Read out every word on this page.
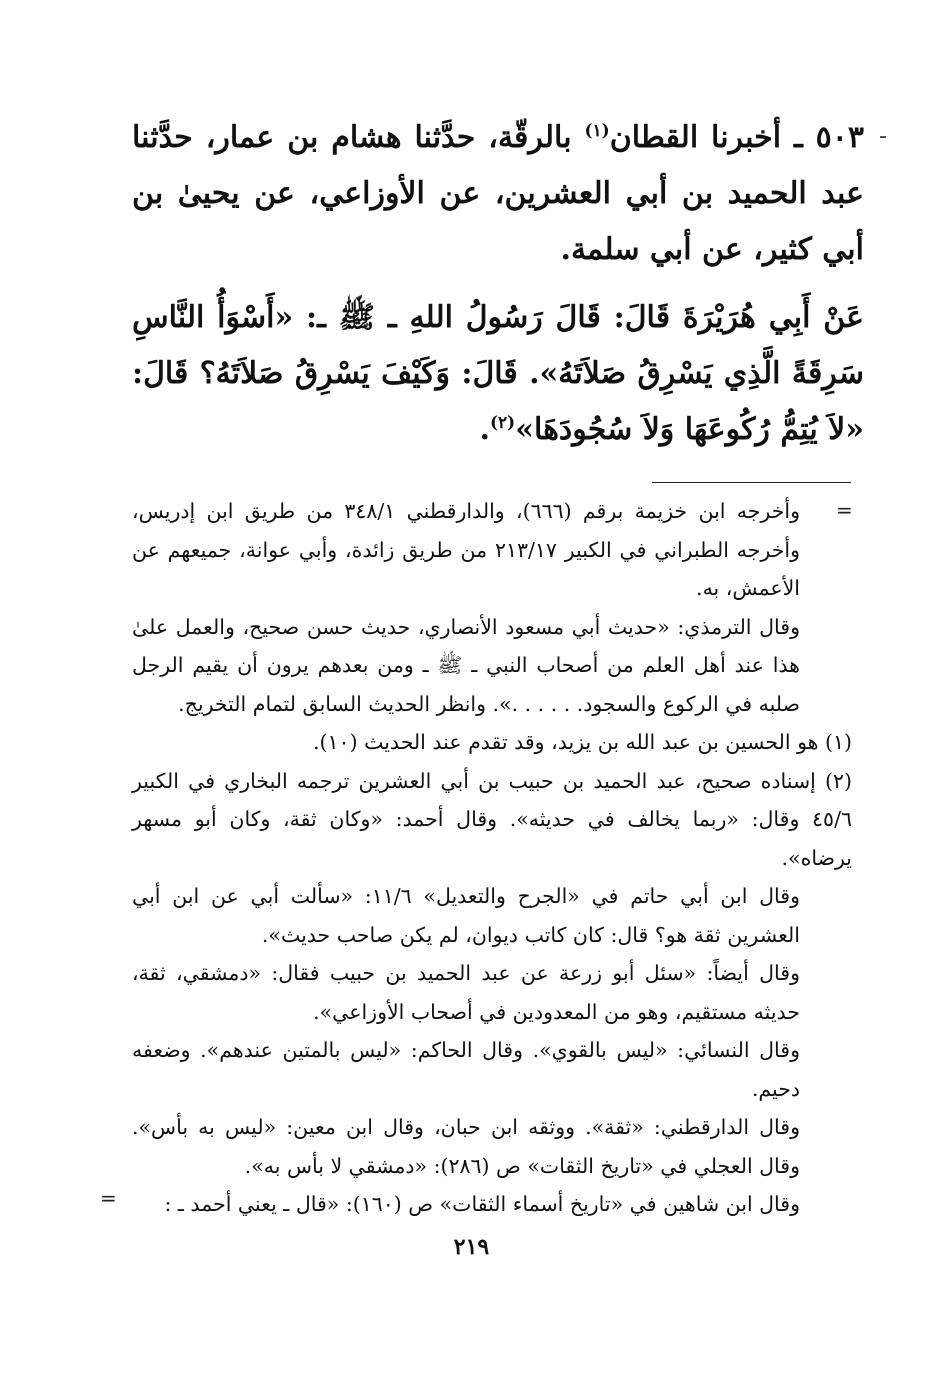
-

٥٠٣ ـ أخبرنا القطان$^{(١)}$ بالرقّة، حدَّثنا هشام بن عمار، حدَّثنا عبد الحميد بن أبي العشرين، عن الأوزاعي، عن يحيىٰ بن أبي كثير، عن أبي سلمة.

عَنْ أَبِي هُرَيْرَةَ قَالَ: قَالَ رَسُولُ اللهِ ـ ﷺ ـ: «أَسْوَأُ النَّاسِ سَرِقَةً الَّذِي يَسْرِقُ صَلاَتَهُ». قَالَ: وَكَيْفَ يَسْرِقُ صَلاَتَهُ؟ قَالَ: «لاَ يُتِمُّ رُكُوعَهَا وَلاَ سُجُودَهَا»$^{(٢)}$.

=

وأخرجه ابن خزيمة برقم (٦٦٦)، والدارقطني ٣٤٨/١ من طريق ابن إدريس، وأخرجه الطبراني في الكبير ٢١٣/١٧ من طريق زائدة، وأبي عوانة، جميعهم عن الأعمش، به.

وقال الترمذي: «حديث أبي مسعود الأنصاري، حديث حسن صحيح، والعمل علىٰ هذا عند أهل العلم من أصحاب النبي ـ ﷺ ـ ومن بعدهم يرون أن يقيم الرجل صلبه في الركوع والسجود. . . . . .». وانظر الحديث السابق لتمام التخريج.

(١) هو الحسين بن عبد الله بن يزيد، وقد تقدم عند الحديث (١٠).

(٢) إسناده صحيح، عبد الحميد بن حبيب بن أبي العشرين ترجمه البخاري في الكبير ٤٥/٦ وقال: «ربما يخالف في حديثه». وقال أحمد: «وكان ثقة، وكان أبو مسهر يرضاه».

وقال ابن أبي حاتم في «الجرح والتعديل» ١١/٦: «سألت أبي عن ابن أبي العشرين ثقة هو؟ قال: كان كاتب ديوان، لم يكن صاحب حديث».

وقال أيضاً: «سئل أبو زرعة عن عبد الحميد بن حبيب فقال: «دمشقي، ثقة، حديثه مستقيم، وهو من المعدودين في أصحاب الأوزاعي».

وقال النسائي: «ليس بالقوي». وقال الحاكم: «ليس بالمتين عندهم». وضعفه دحيم.

وقال الدارقطني: «ثقة». ووثقه ابن حبان، وقال ابن معين: «ليس به بأس». وقال العجلي في «تاريخ الثقات» ص (٢٨٦): «دمشقي لا بأس به».

وقال ابن شاهين في «تاريخ أسماء الثقات» ص (١٦٠): «قال ـ يعني أحمد ـ :

=
٢١٩
